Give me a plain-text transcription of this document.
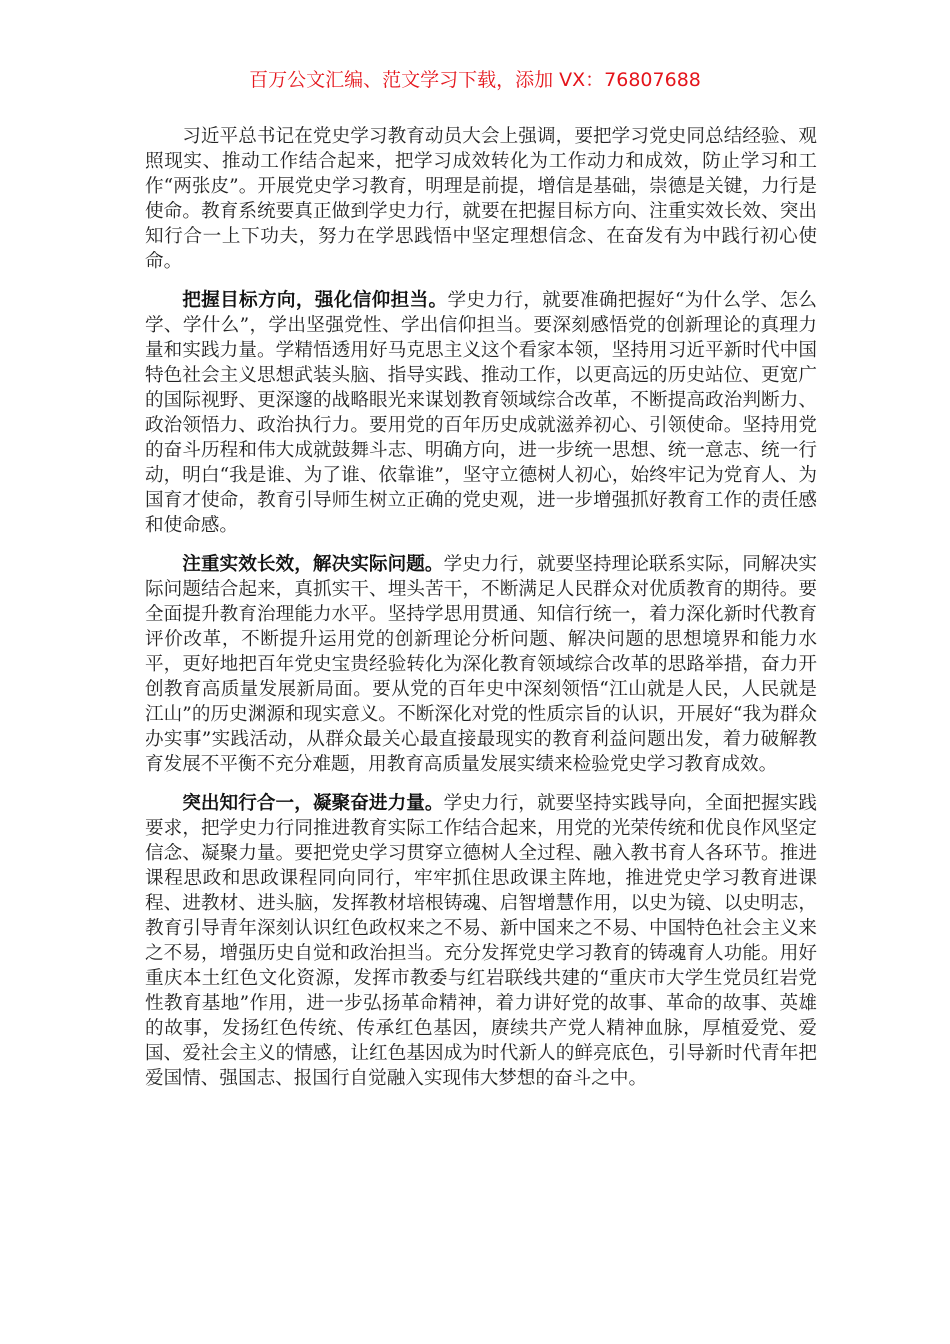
百万公文汇编、范文学习下载，添加 VX：76807688

习近平总书记在党史学习教育动员大会上强调，要把学习党史同总结经验、观照现实、推动工作结合起来，把学习成效转化为工作动力和成效，防止学习和工作“两张皮”。开展党史学习教育，明理是前提，增信是基础，崇德是关键，力行是使命。教育系统要真正做到学史力行，就要在把握目标方向、注重实效长效、突出知行合一上下功夫，努力在学思践悟中坚定理想信念、在奋发有为中践行初心使命。

把握目标方向，强化信仰担当。学史力行，就要准确把握好“为什么学、怎么学、学什么”，学出坚强党性、学出信仰担当。要深刻感悟党的创新理论的真理力量和实践力量。学精悟透用好马克思主义这个看家本领，坚持用习近平新时代中国特色社会主义思想武装头脑、指导实践、推动工作，以更高远的历史站位、更宽广的国际视野、更深邃的战略眼光来谋划教育领域综合改革，不断提高政治判断力、政治领悟力、政治执行力。要用党的百年历史成就滋养初心、引领使命。坚持用党的奋斗历程和伟大成就鼓舞斗志、明确方向，进一步统一思想、统一意志、统一行动，明白“我是谁、为了谁、依靠谁”，坚守立德树人初心，始终牢记为党育人、为国育才使命，教育引导师生树立正确的党史观，进一步增强抓好教育工作的责任感和使命感。

注重实效长效，解决实际问题。学史力行，就要坚持理论联系实际，同解决实际问题结合起来，真抓实干、埋头苦干，不断满足人民群众对优质教育的期待。要全面提升教育治理能力水平。坚持学思用贯通、知信行统一，着力深化新时代教育评价改革，不断提升运用党的创新理论分析问题、解决问题的思想境界和能力水平，更好地把百年党史宝贵经验转化为深化教育领域综合改革的思路举措，奋力开创教育高质量发展新局面。要从党的百年史中深刻领悟“江山就是人民，人民就是江山”的历史渊源和现实意义。不断深化对党的性质宗旨的认识，开展好“我为群众办实事”实践活动，从群众最关心最直接最现实的教育利益问题出发，着力破解教育发展不平衡不充分难题，用教育高质量发展实绩来检验党史学习教育成效。

突出知行合一，凝聚奋进力量。学史力行，就要坚持实践导向，全面把握实践要求，把学史力行同推进教育实际工作结合起来，用党的光荣传统和优良作风坚定信念、凝聚力量。要把党史学习贯穿立德树人全过程、融入教书育人各环节。推进课程思政和思政课程同向同行，牢牢抓住思政课主阵地，推进党史学习教育进课程、进教材、进头脑，发挥教材培根铸魂、启智增慧作用，以史为镜、以史明志，教育引导青年深刻认识红色政权来之不易、新中国来之不易、中国特色社会主义来之不易，增强历史自觉和政治担当。充分发挥党史学习教育的铸魂育人功能。用好重庆本土红色文化资源，发挥市教委与红岩联线共建的“重庆市大学生党员红岩党性教育基地”作用，进一步弘扬革命精神，着力讲好党的故事、革命的故事、英雄的故事，发扬红色传统、传承红色基因，赓续共产党人精神血脉，厚植爱党、爱国、爱社会主义的情感，让红色基因成为时代新人的鲜亮底色，引导新时代青年把爱国情、强国志、报国行自觉融入实现伟大梦想的奋斗之中。
